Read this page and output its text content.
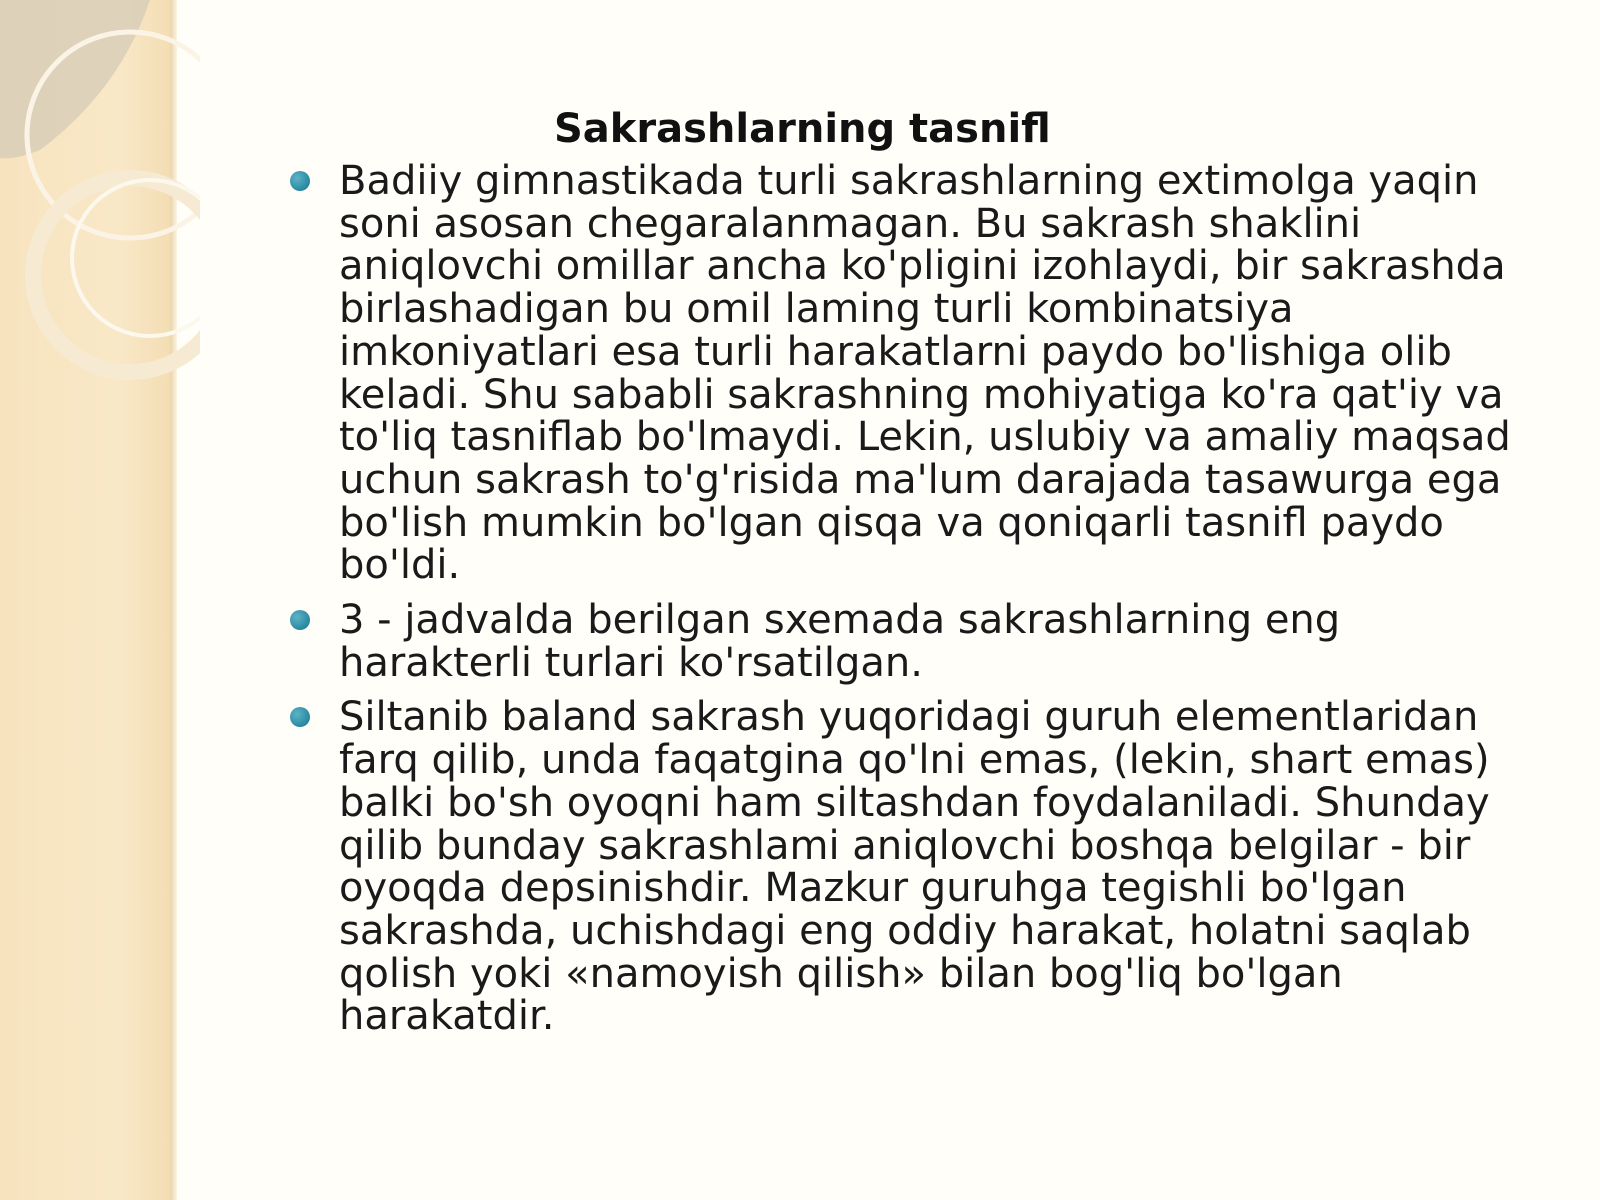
Sakrashlarning tasnifl
Badiiy gimnastikada turli sakrashlarning extimolga yaqin
soni asosan chegaralanmagan. Bu sakrash shaklini
aniqlovchi omillar ancha ko'pligini izohlaydi, bir sakrashda
birlashadigan bu omil laming turli kombinatsiya
imkoniyatlari esa turli harakatlarni paydo bo'lishiga olib
keladi. Shu sababli sakrashning mohiyatiga ko'ra qat'iy va
to'liq tasniflab bo'lmaydi. Lekin, uslubiy va amaliy maqsad
uchun sakrash to'g'risida ma'lum darajada tasawurga ega
bo'lish mumkin bo'lgan qisqa va qoniqarli tasnifl paydo
bo'ldi.
3 - jadvalda berilgan sxemada sakrashlarning eng
harakterli turlari ko'rsatilgan.
Siltanib baland sakrash yuqoridagi guruh elementlaridan
farq qilib, unda faqatgina qo'lni emas, (lekin, shart emas)
balki bo'sh oyoqni ham siltashdan foydalaniladi. Shunday
qilib bunday sakrashlami aniqlovchi boshqa belgilar - bir
oyoqda depsinishdir. Mazkur guruhga tegishli bo'lgan
sakrashda, uchishdagi eng oddiy harakat, holatni saqlab
qolish yoki «namoyish qilish» bilan bog'liq bo'lgan
harakatdir.
